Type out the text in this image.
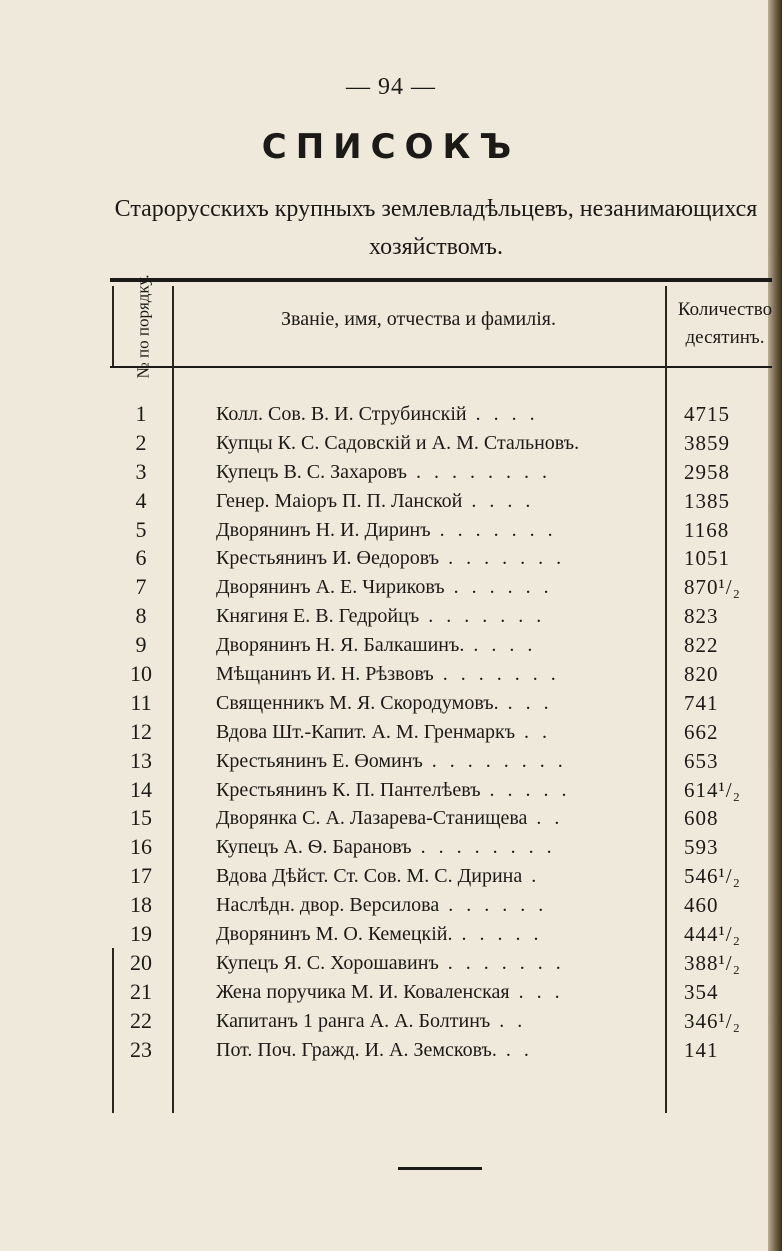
— 94 —
СПИСОКЪ
Старорусскихъ крупныхъ землевладѣльцевъ, незанимающихся
хозяйствомъ.
№ по порядку.	Званіе, имя, отчества и фамилія.	Количество
десятинъ.
1	Колл. Сов. В. И. Струбинскій . . . .	4715
2	Купцы К. С. Садовскій и А. М. Стальновъ.	3859
3	Купецъ В. С. Захаровъ . . . . . . . .	2958
4	Генер. Маіоръ П. П. Ланской . . . .	1385
5	Дворянинъ Н. И. Диринъ . . . . . . .	1168
6	Крестьянинъ И. Өедоровъ . . . . . . .	1051
7	Дворянинъ А. Е. Чириковъ . . . . . .	870¹/₂
8	Княгиня Е. В. Гедройцъ . . . . . . .	823
9	Дворянинъ Н. Я. Балкашинъ. . . . .	822
10	Мѣщанинъ И. Н. Рѣзвовъ . . . . . . .	820
11	Священникъ М. Я. Скородумовъ. . . .	741
12	Вдова Шт.-Капит. А. М. Гренмаркъ . .	662
13	Крестьянинъ Е. Өоминъ . . . . . . . .	653
14	Крестьянинъ К. П. Пантелѣевъ . . . . .	614¹/₂
15	Дворянка С. А. Лазарева-Станищева . .	608
16	Купецъ А. Ѳ. Барановъ . . . . . . . .	593
17	Вдова Дѣйст. Ст. Сов. М. С. Дирина .	546¹/₂
18	Наслѣдн. двор. Версилова . . . . . .	460
19	Дворянинъ М. О. Кемецкій. . . . . .	444¹/₂
20	Купецъ Я. С. Хорошавинъ . . . . . . .	388¹/₂
21	Жена поручика М. И. Коваленская . . .	354
22	Капитанъ 1 ранга А. А. Болтинъ . .	346¹/₂
23	Пот. Поч. Гражд. И. А. Земсковъ. . .	141
